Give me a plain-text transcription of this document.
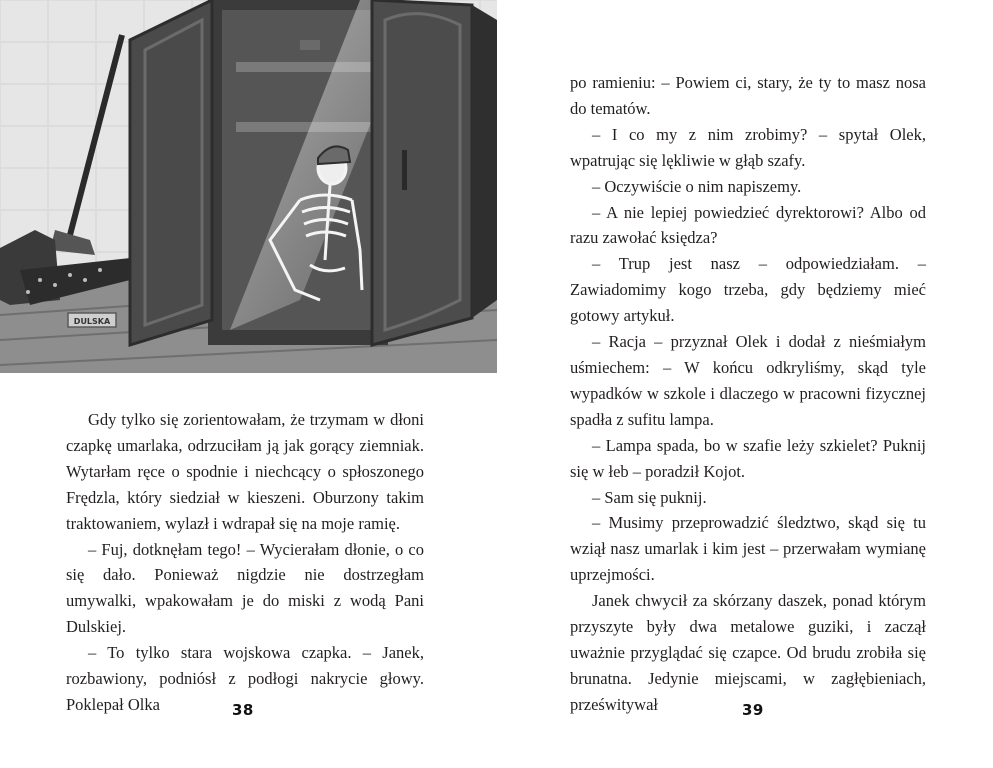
DULSKA

Gdy tylko się zorientowałam, że trzymam w dłoni czapkę umarlaka, odrzuciłam ją jak gorący ziemniak. Wytarłam ręce o spodnie i niechcący o spłoszonego Frędzla, który siedział w kieszeni. Oburzony takim traktowaniem, wylazł i wdrapał się na moje ramię.

– Fuj, dotknęłam tego! – Wycierałam dłonie, o co się dało. Ponieważ nigdzie nie dostrzegłam umywalki, wpakowałam je do miski z wodą Pani Dulskiej.

– To tylko stara wojskowa czapka. – Janek, rozbawiony, podniósł z podłogi nakrycie głowy. Poklepał Olka	38

po ramieniu: – Powiem ci, stary, że ty to masz nosa do tematów.

– I co my z nim zrobimy? – spytał Olek, wpatrując się lękliwie w głąb szafy.

– Oczywiście o nim napiszemy.

– A nie lepiej powiedzieć dyrektorowi? Albo od razu zawołać księdza?

– Trup jest nasz – odpowiedziałam. – Zawiadomimy kogo trzeba, gdy będziemy mieć gotowy artykuł.

– Racja – przyznał Olek i dodał z nieśmiałym uśmiechem: – W końcu odkryliśmy, skąd tyle wypadków w szkole i dlaczego w pracowni fizycznej spadła z sufitu lampa.

– Lampa spada, bo w szafie leży szkielet? Puknij się w łeb – poradził Kojot.

– Sam się puknij.

– Musimy przeprowadzić śledztwo, skąd się tu wziął nasz umarlak i kim jest – przerwałam wymianę uprzejmości.

Janek chwycił za skórzany daszek, ponad którym przyszyte były dwa metalowe guziki, i zaczął uważnie przyglądać się czapce. Od brudu zrobiła się brunatna. Jedynie miejscami, w zagłębieniach, prześwitywał	39
